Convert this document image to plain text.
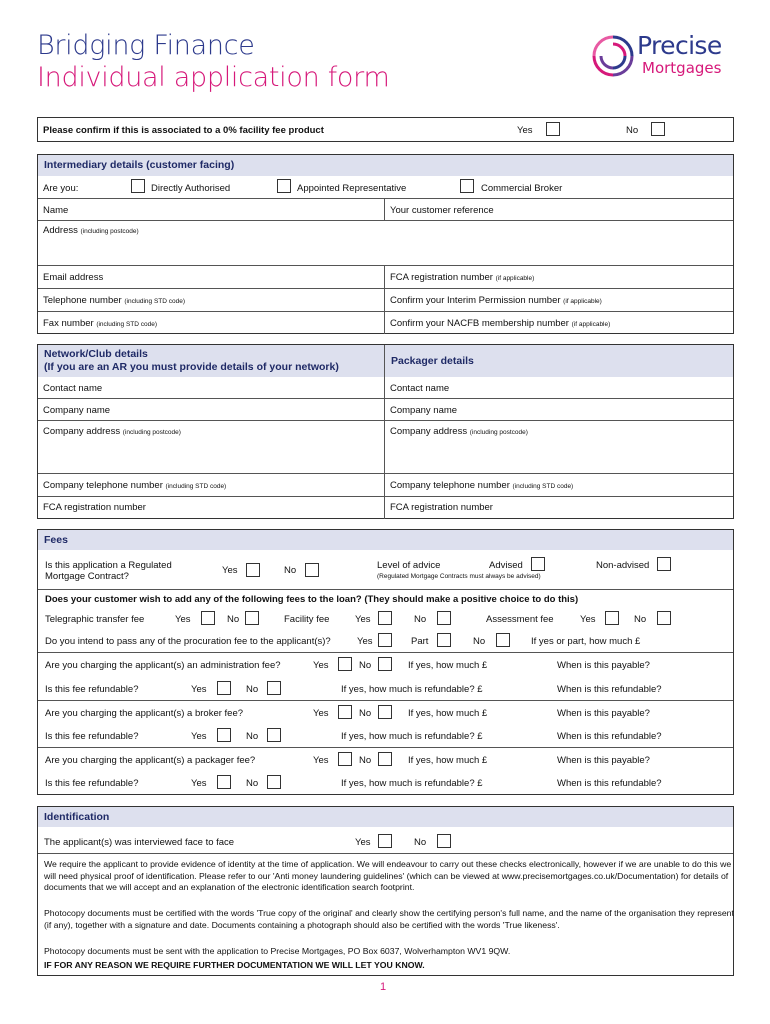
Bridging Finance
Individual application form
Precise
Mortgages
Please confirm if this is associated to a 0% facility fee product	Yes	No
Intermediary details (customer facing)
Are you:	Directly Authorised	Appointed Representative	Commercial Broker
Name	Your customer reference
Address (including postcode)
Email address	FCA registration number (if applicable)
Telephone number (including STD code)	Confirm your Interim Permission number (if applicable)
Fax number (including STD code)	Confirm your NACFB membership number (if applicable)
Network/Club details
(If you are an AR you must provide details of your network)	Packager details
Contact name	Contact name
Company name	Company name
Company address (including postcode)	Company address (including postcode)
Company telephone number (including STD code)	Company telephone number (including STD code)
FCA registration number	FCA registration number
Fees
Is this application a Regulated
Mortgage Contract?
Yes	No	Level of advice
(Regulated Mortgage Contracts must always be advised)
Advised	Non-advised
Does your customer wish to add any of the following fees to the loan? (They should make a positive choice to do this)
Telegraphic transfer fee	Yes	No	Facility fee	Yes	No	Assessment fee	Yes	No
Do you intend to pass any of the procuration fee to the applicant(s)?	Yes	Part	No	If yes or part, how much £
Are you charging the applicant(s) an administration fee?	Yes	No	If yes, how much £	When is this payable?
Is this fee refundable?	Yes	No	If yes, how much is refundable? £	When is this refundable?
Are you charging the applicant(s) a broker fee?	Yes	No	If yes, how much £	When is this payable?
Is this fee refundable?	Yes	No	If yes, how much is refundable? £	When is this refundable?
Are you charging the applicant(s) a packager fee?	Yes	No	If yes, how much £	When is this payable?
Is this fee refundable?	Yes	No	If yes, how much is refundable? £	When is this refundable?
Identification
The applicant(s) was interviewed face to face	Yes	No
We require the applicant to provide evidence of identity at the time of application. We will endeavour to carry out these checks electronically, however if we are unable to do this we will need physical proof of identification. Please refer to our 'Anti money laundering guidelines' (which can be viewed at www.precisemortgages.co.uk/Documentation) for details of documents that we will accept and an explanation of the electronic identification search footprint.
Photocopy documents must be certified with the words 'True copy of the original' and clearly show the certifying person's full name, and the name of the organisation they represent (if any), together with a signature and date. Documents containing a photograph should also be certified with the words 'True likeness'.
Photocopy documents must be sent with the application to Precise Mortgages, PO Box 6037, Wolverhampton WV1 9QW.
IF FOR ANY REASON WE REQUIRE FURTHER DOCUMENTATION WE WILL LET YOU KNOW.
1
